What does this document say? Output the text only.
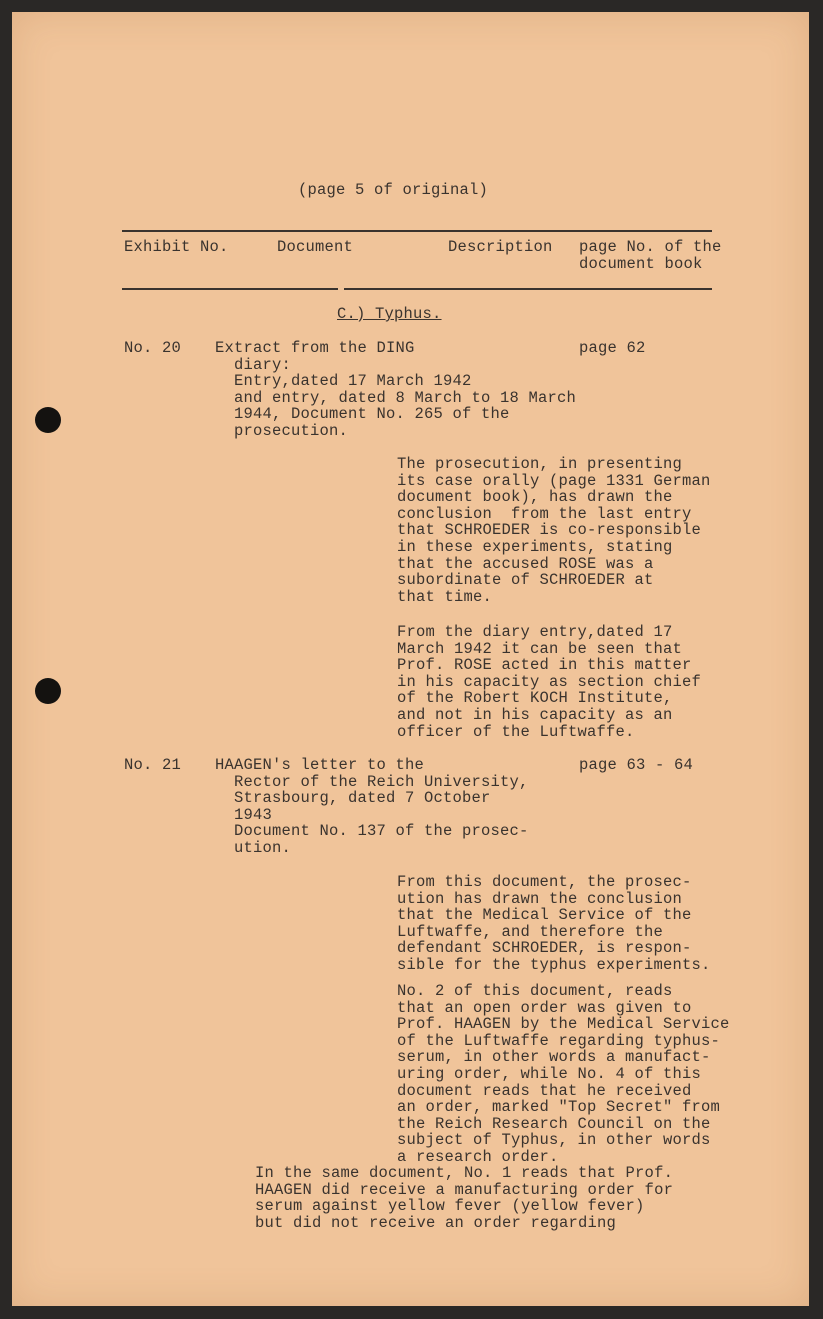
(page 5 of original)

Exhibit No.	Document	Description page No. of the
document book

C.) Typhus.

No. 20 Extract from the DING
diary:
Entry,dated 17 March 1942
and entry, dated 8 March to 18 March
1944, Document No. 265 of the
prosecution.

page 62

The prosecution, in presenting
its case orally (page 1331 German
document book), has drawn the
conclusion  from the last entry
that SCHROEDER is co-responsible
in these experiments, stating
that the accused ROSE was a
subordinate of SCHROEDER at
that time.

From the diary entry,dated 17
March 1942 it can be seen that
Prof. ROSE acted in this matter
in his capacity as section chief
of the Robert KOCH Institute,
and not in his capacity as an
officer of the Luftwaffe.

No. 21 HAAGEN's letter to the
Rector of the Reich University,
Strasbourg, dated 7 October
1943
Document No. 137 of the prosec-
ution.

page 63 - 64

From this document, the prosec-
ution has drawn the conclusion
that the Medical Service of the
Luftwaffe, and therefore the
defendant SCHROEDER, is respon-
sible for the typhus experiments.

No. 2 of this document, reads
that an open order was given to
Prof. HAAGEN by the Medical Service
of the Luftwaffe regarding typhus-
serum, in other words a manufact-
uring order, while No. 4 of this
document reads that he received
an order, marked "Top Secret" from
the Reich Research Council on the
subject of Typhus, in other words
a research order.

In the same document, No. 1 reads that Prof.
HAAGEN did receive a manufacturing order for
serum against yellow fever (yellow fever)
but did not receive an order regarding
